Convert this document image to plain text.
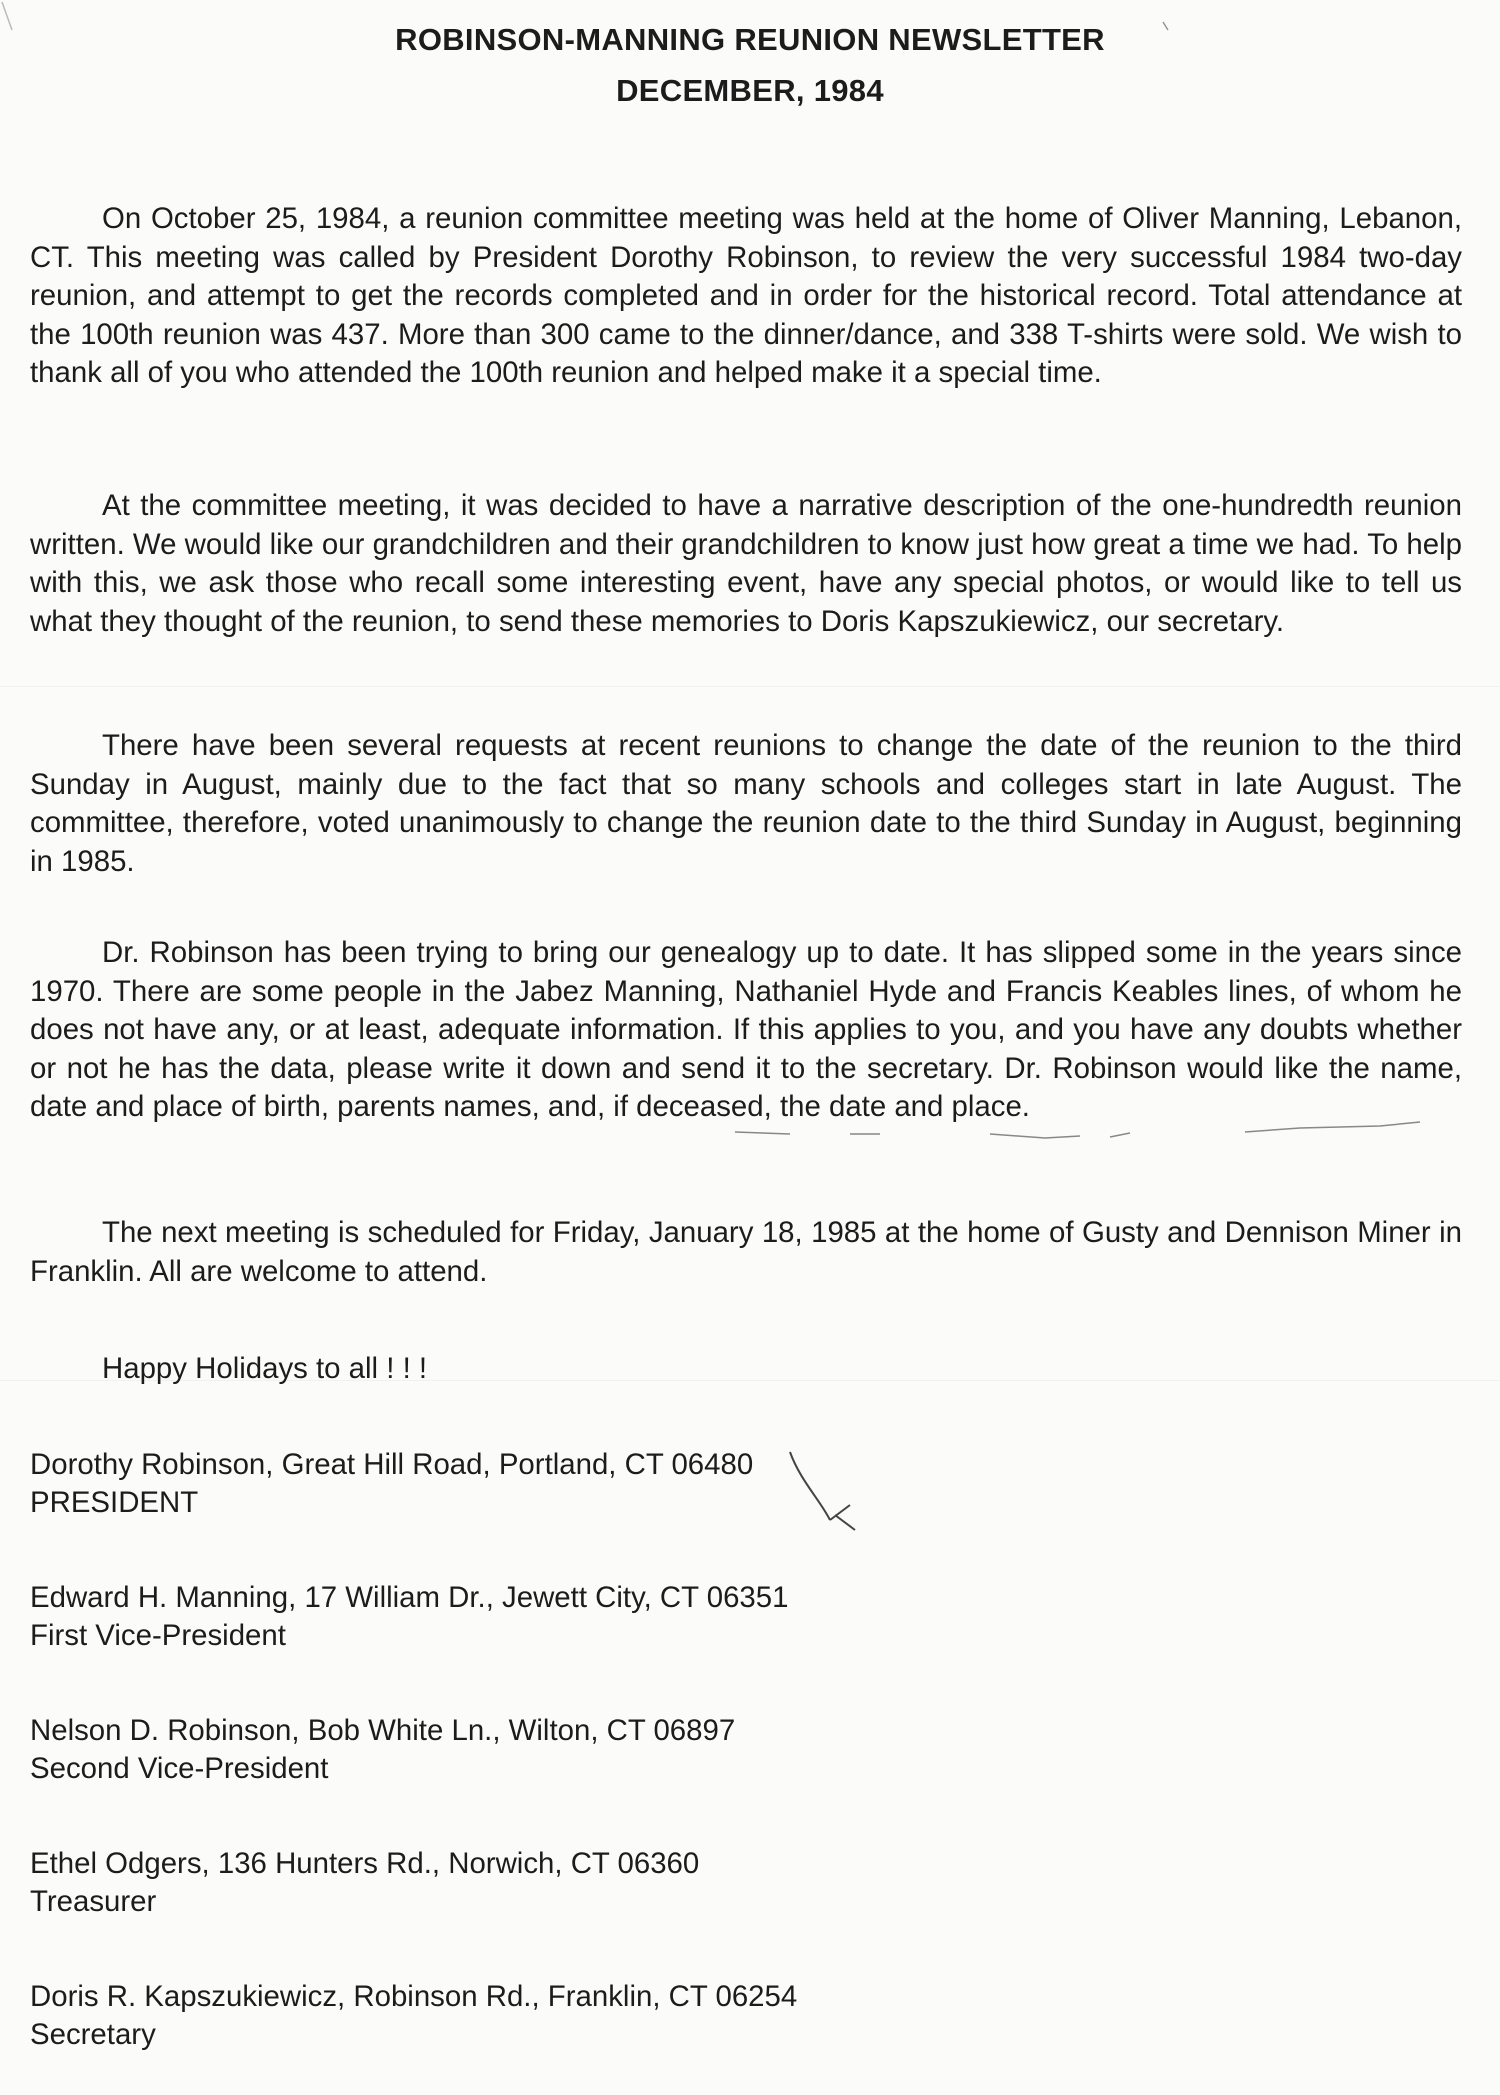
ROBINSON-MANNING REUNION NEWSLETTER
DECEMBER, 1984

On October 25, 1984, a reunion committee meeting was held at the home of Oliver Manning, Lebanon, CT. This meeting was called by President Dorothy Robinson, to review the very successful 1984 two-day reunion, and attempt to get the records completed and in order for the historical record. Total attendance at the 100th reunion was 437. More than 300 came to the dinner/dance, and 338 T-shirts were sold. We wish to thank all of you who attended the 100th reunion and helped make it a special time.

At the committee meeting, it was decided to have a narrative description of the one-hundredth reunion written. We would like our grandchildren and their grandchildren to know just how great a time we had. To help with this, we ask those who recall some interesting event, have any special photos, or would like to tell us what they thought of the reunion, to send these memories to Doris Kapszukiewicz, our secretary.

There have been several requests at recent reunions to change the date of the reunion to the third Sunday in August, mainly due to the fact that so many schools and colleges start in late August. The committee, therefore, voted unanimously to change the reunion date to the third Sunday in August, beginning in 1985.

Dr. Robinson has been trying to bring our genealogy up to date. It has slipped some in the years since 1970. There are some people in the Jabez Manning, Nathaniel Hyde and Francis Keables lines, of whom he does not have any, or at least, adequate information. If this applies to you, and you have any doubts whether or not he has the data, please write it down and send it to the secretary. Dr. Robinson would like the name, date and place of birth, parents names, and, if deceased, the date and place.

The next meeting is scheduled for Friday, January 18, 1985 at the home of Gusty and Dennison Miner in Franklin. All are welcome to attend.

Happy Holidays to all ! ! !

Dorothy Robinson, Great Hill Road, Portland, CT 06480
PRESIDENT
Edward H. Manning, 17 William Dr., Jewett City, CT 06351
First Vice-President
Nelson D. Robinson, Bob White Ln., Wilton, CT 06897
Second Vice-President
Ethel Odgers, 136 Hunters Rd., Norwich, CT 06360
Treasurer
Doris R. Kapszukiewicz, Robinson Rd., Franklin, CT 06254
Secretary
